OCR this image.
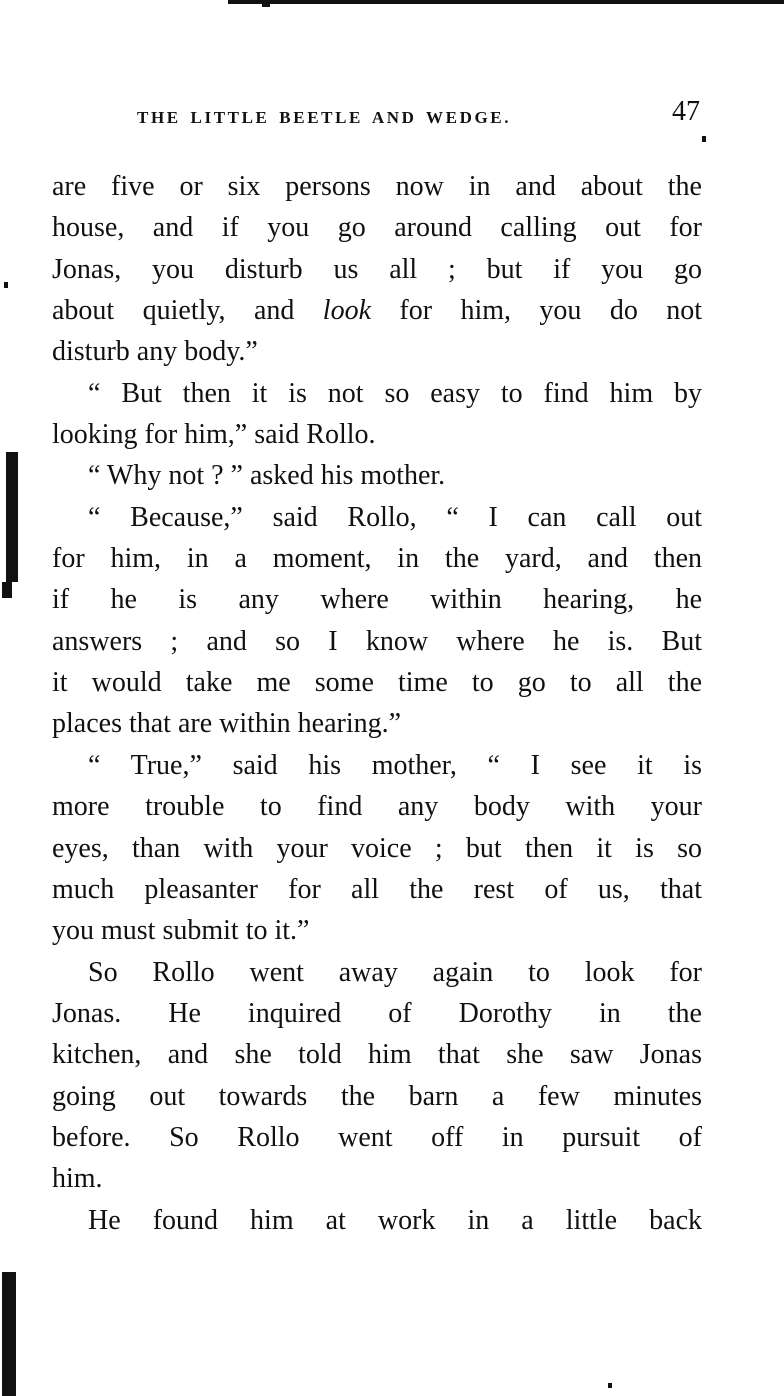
THE LITTLE BEETLE AND WEDGE.	47
are five or six persons now in and about the
house, and if you go around calling out for
Jonas, you disturb us all ; but if you go
about quietly, and look for him, you do not
disturb any body.”
“ But then it is not so easy to find him by
looking for him,” said Rollo.
“ Why not ? ” asked his mother.
“ Because,” said Rollo, “ I can call out
for him, in a moment, in the yard, and then
if he is any where within hearing, he
answers ; and so I know where he is. But
it would take me some time to go to all the
places that are within hearing.”
“ True,” said his mother, “ I see it is
more trouble to find any body with your
eyes, than with your voice ; but then it is so
much pleasanter for all the rest of us, that
you must submit to it.”
So Rollo went away again to look for
Jonas. He inquired of Dorothy in the
kitchen, and she told him that she saw Jonas
going out towards the barn a few minutes
before. So Rollo went off in pursuit of
him.
He found him at work in a little back
